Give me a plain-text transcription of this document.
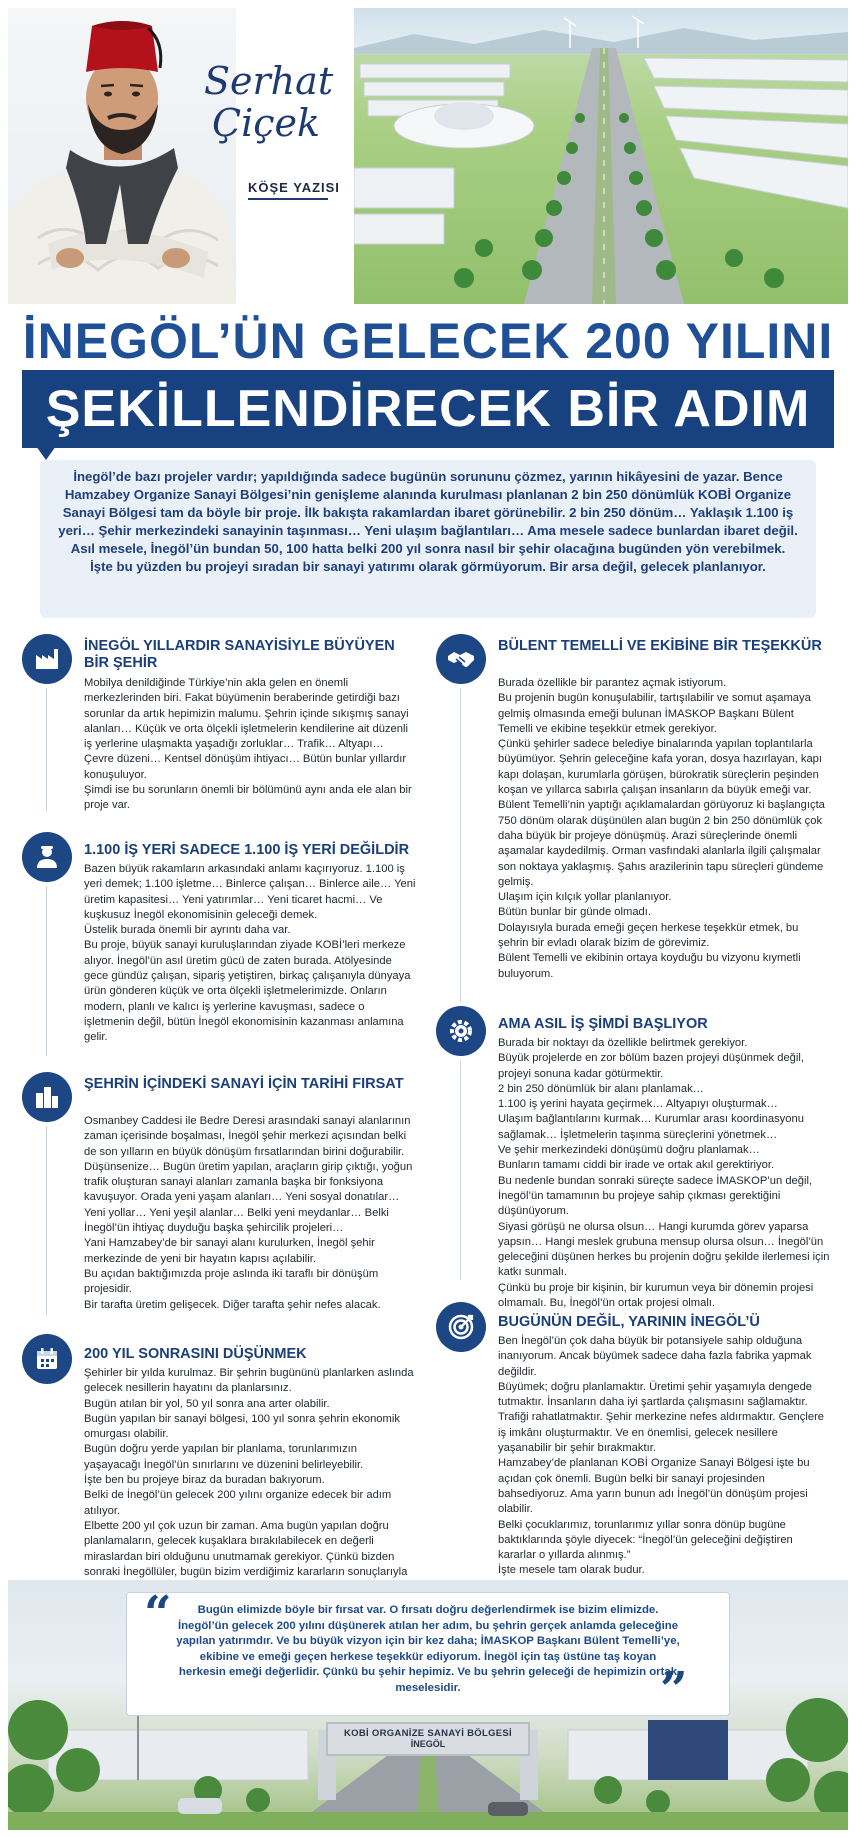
Serhat
Çiçek
KÖŞE YAZISI
İNEGÖL’ÜN GELECEK 200 YILINI
ŞEKİLLENDİRECEK BİR ADIM

İnegöl’de bazı projeler vardır; yapıldığında sadece bugünün sorununu çözmez, yarının hikâyesini de yazar. Bence Hamzabey Organize Sanayi Bölgesi’nin genişleme alanında kurulması planlanan 2 bin 250 dönümlük KOBİ Organize Sanayi Bölgesi tam da böyle bir proje. İlk bakışta rakamlardan ibaret görünebilir. 2 bin 250 dönüm… Yaklaşık 1.100 iş yeri… Şehir merkezindeki sanayinin taşınması… Yeni ulaşım bağlantıları… Ama mesele sadece bunlardan ibaret değil. Asıl mesele, İnegöl’ün bundan 50, 100 hatta belki 200 yıl sonra nasıl bir şehir olacağına bugünden yön verebilmek. İşte bu yüzden bu projeyi sıradan bir sanayi yatırımı olarak görmüyorum. Bir arsa değil, gelecek planlanıyor.

İNEGÖL YILLARDIR SANAYİSİYLE BÜYÜYEN BİR ŞEHİR

Mobilya denildiğinde Türkiye’nin akla gelen en önemli merkezlerinden biri. Fakat büyümenin beraberinde getirdiği bazı sorunlar da artık hepimizin malumu. Şehrin içinde sıkışmış sanayi alanları… Küçük ve orta ölçekli işletmelerin kendilerine ait düzenli iş yerlerine ulaşmakta yaşadığı zorluklar… Trafik… Altyapı… Çevre düzeni… Kentsel dönüşüm ihtiyacı… Bütün bunlar yıllardır konuşuluyor.

Şimdi ise bu sorunların önemli bir bölümünü aynı anda ele alan bir proje var.

1.100 İŞ YERİ SADECE 1.100 İŞ YERİ DEĞİLDİR

Bazen büyük rakamların arkasındaki anlamı kaçırıyoruz. 1.100 iş yeri demek; 1.100 işletme… Binlerce çalışan… Binlerce aile… Yeni üretim kapasitesi… Yeni yatırımlar… Yeni ticaret hacmi… Ve kuşkusuz İnegöl ekonomisinin geleceği demek.

Üstelik burada önemli bir ayrıntı daha var.

Bu proje, büyük sanayi kuruluşlarından ziyade KOBİ’leri merkeze alıyor. İnegöl’ün asıl üretim gücü de zaten burada. Atölyesinde gece gündüz çalışan, sipariş yetiştiren, birkaç çalışanıyla dünyaya ürün gönderen küçük ve orta ölçekli işletmelerimizde. Onların modern, planlı ve kalıcı iş yerlerine kavuşması, sadece o işletmenin değil, bütün İnegöl ekonomisinin kazanması anlamına gelir.

ŞEHRİN İÇİNDEKİ SANAYİ İÇİN TARİHİ FIRSAT

Osmanbey Caddesi ile Bedre Deresi arasındaki sanayi alanlarının zaman içerisinde boşalması, İnegöl şehir merkezi açısından belki de son yılların en büyük dönüşüm fırsatlarından birini doğurabilir.

Düşünsenize… Bugün üretim yapılan, araçların girip çıktığı, yoğun trafik oluşturan sanayi alanları zamanla başka bir fonksiyona kavuşuyor. Orada yeni yaşam alanları… Yeni sosyal donatılar… Yeni yollar… Yeni yeşil alanlar… Belki yeni meydanlar… Belki İnegöl’ün ihtiyaç duyduğu başka şehircilik projeleri…

Yani Hamzabey’de bir sanayi alanı kurulurken, İnegöl şehir merkezinde de yeni bir hayatın kapısı açılabilir.

Bu açıdan baktığımızda proje aslında iki taraflı bir dönüşüm projesidir.

Bir tarafta üretim gelişecek. Diğer tarafta şehir nefes alacak.

200 YIL SONRASINI DÜŞÜNMEK

Şehirler bir yılda kurulmaz. Bir şehrin bugününü planlarken aslında gelecek nesillerin hayatını da planlarsınız.

Bugün atılan bir yol, 50 yıl sonra ana arter olabilir.

Bugün yapılan bir sanayi bölgesi, 100 yıl sonra şehrin ekonomik omurgası olabilir.

Bugün doğru yerde yapılan bir planlama, torunlarımızın yaşayacağı İnegöl’ün sınırlarını ve düzenini belirleyebilir.

İşte ben bu projeye biraz da buradan bakıyorum.

Belki de İnegöl’ün gelecek 200 yılını organize edecek bir adım atılıyor.

Elbette 200 yıl çok uzun bir zaman. Ama bugün yapılan doğru planlamaların, gelecek kuşaklara bırakılabilecek en değerli miraslardan biri olduğunu unutmamak gerekiyor. Çünkü bizden sonraki İnegöllüler, bugün bizim verdiğimiz kararların sonuçlarıyla

BÜLENT TEMELLİ VE EKİBİNE BİR TEŞEKKÜR

Burada özellikle bir parantez açmak istiyorum.

Bu projenin bugün konuşulabilir, tartışılabilir ve somut aşamaya gelmiş olmasında emeği bulunan İMASKOP Başkanı Bülent Temelli ve ekibine teşekkür etmek gerekiyor.

Çünkü şehirler sadece belediye binalarında yapılan toplantılarla büyümüyor. Şehrin geleceğine kafa yoran, dosya hazırlayan, kapı kapı dolaşan, kurumlarla görüşen, bürokratik süreçlerin peşinden koşan ve yıllarca sabırla çalışan insanların da büyük emeği var.

Bülent Temelli’nin yaptığı açıklamalardan görüyoruz ki başlangıçta 750 dönüm olarak düşünülen alan bugün 2 bin 250 dönümlük çok daha büyük bir projeye dönüşmüş. Arazi süreçlerinde önemli aşamalar kaydedilmiş. Orman vasfındaki alanlarla ilgili çalışmalar son noktaya yaklaşmış. Şahıs arazilerinin tapu süreçleri gündeme gelmiş.

Ulaşım için kılçık yollar planlanıyor.

Bütün bunlar bir günde olmadı.

Dolayısıyla burada emeği geçen herkese teşekkür etmek, bu şehrin bir evladı olarak bizim de görevimiz.

Bülent Temelli ve ekibinin ortaya koyduğu bu vizyonu kıymetli buluyorum.

AMA ASIL İŞ ŞİMDİ BAŞLIYOR

Burada bir noktayı da özellikle belirtmek gerekiyor.

Büyük projelerde en zor bölüm bazen projeyi düşünmek değil, projeyi sonuna kadar götürmektir.

2 bin 250 dönümlük bir alanı planlamak…

1.100 iş yerini hayata geçirmek… Altyapıyı oluşturmak…

Ulaşım bağlantılarını kurmak… Kurumlar arası koordinasyonu sağlamak… İşletmelerin taşınma süreçlerini yönetmek…

Ve şehir merkezindeki dönüşümü doğru planlamak…

Bunların tamamı ciddi bir irade ve ortak akıl gerektiriyor.

Bu nedenle bundan sonraki süreçte sadece İMASKOP’un değil, İnegöl’ün tamamının bu projeye sahip çıkması gerektiğini düşünüyorum.

Siyasi görüşü ne olursa olsun… Hangi kurumda görev yaparsa yapsın… Hangi meslek grubuna mensup olursa olsun… İnegöl’ün geleceğini düşünen herkes bu projenin doğru şekilde ilerlemesi için katkı sunmalı.

Çünkü bu proje bir kişinin, bir kurumun veya bir dönemin projesi olmamalı. Bu, İnegöl’ün ortak projesi olmalı.

BUGÜNÜN DEĞİL, YARININ İNEGÖL’Ü

Ben İnegöl’ün çok daha büyük bir potansiyele sahip olduğuna inanıyorum. Ancak büyümek sadece daha fazla fabrika yapmak değildir.

Büyümek; doğru planlamaktır. Üretimi şehir yaşamıyla dengede tutmaktır. İnsanların daha iyi şartlarda çalışmasını sağlamaktır. Trafiği rahatlatmaktır. Şehir merkezine nefes aldırmaktır. Gençlere iş imkânı oluşturmaktır. Ve en önemlisi, gelecek nesillere yaşanabilir bir şehir bırakmaktır.

Hamzabey’de planlanan KOBİ Organize Sanayi Bölgesi işte bu açıdan çok önemli. Bugün belki bir sanayi projesinden bahsediyoruz. Ama yarın bunun adı İnegöl’ün dönüşüm projesi olabilir.

Belki çocuklarımız, torunlarımız yıllar sonra dönüp bugüne baktıklarında şöyle diyecek: “İnegöl’ün geleceğini değiştiren kararlar o yıllarda alınmış.”

İşte mesele tam olarak budur.

Bugün elimizde böyle bir fırsat var. O fırsatı doğru değerlendirmek ise bizim elimizde. İnegöl’ün gelecek 200 yılını düşünerek atılan her adım, bu şehrin gerçek anlamda geleceğine yapılan yatırımdır. Ve bu büyük vizyon için bir kez daha; İMASKOP Başkanı Bülent Temelli’ye, ekibine ve emeği geçen herkese teşekkür ediyorum. İnegöl için taş üstüne taş koyan herkesin emeği değerlidir. Çünkü bu şehir hepimiz. Ve bu şehrin geleceği de hepimizin ortak meselesidir.

“
”
KOBİ ORGANİZE SANAYİ BÖLGESİ
İNEGÖL
